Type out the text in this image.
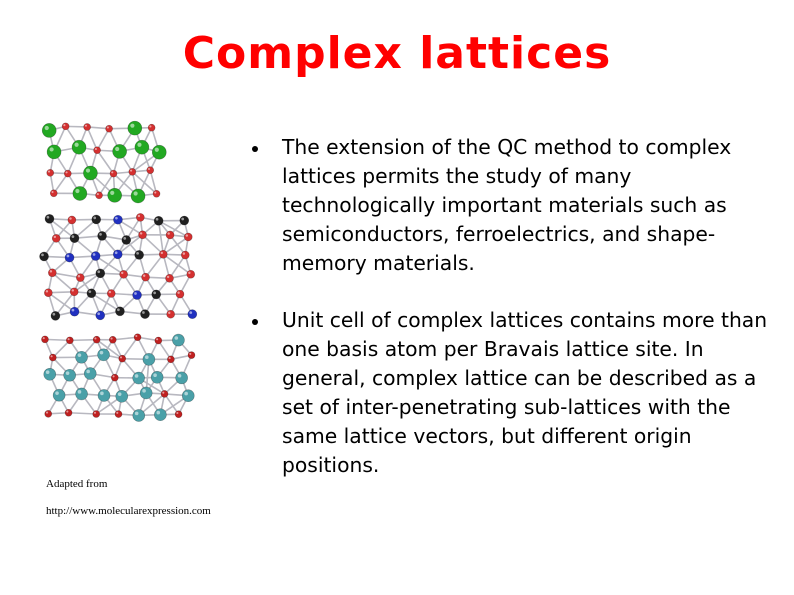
Complex lattices
Adapted from
http://www.molecularexpression.com
The extension of the QC method to complex lattices permits the study of many technologically important materials such as semiconductors, ferroelectrics, and shape-memory materials.
Unit cell of complex lattices contains more than one basis atom per Bravais lattice site. In general, complex lattice can be described as a set of inter-penetrating sub-lattices with the same lattice vectors, but different origin positions.
